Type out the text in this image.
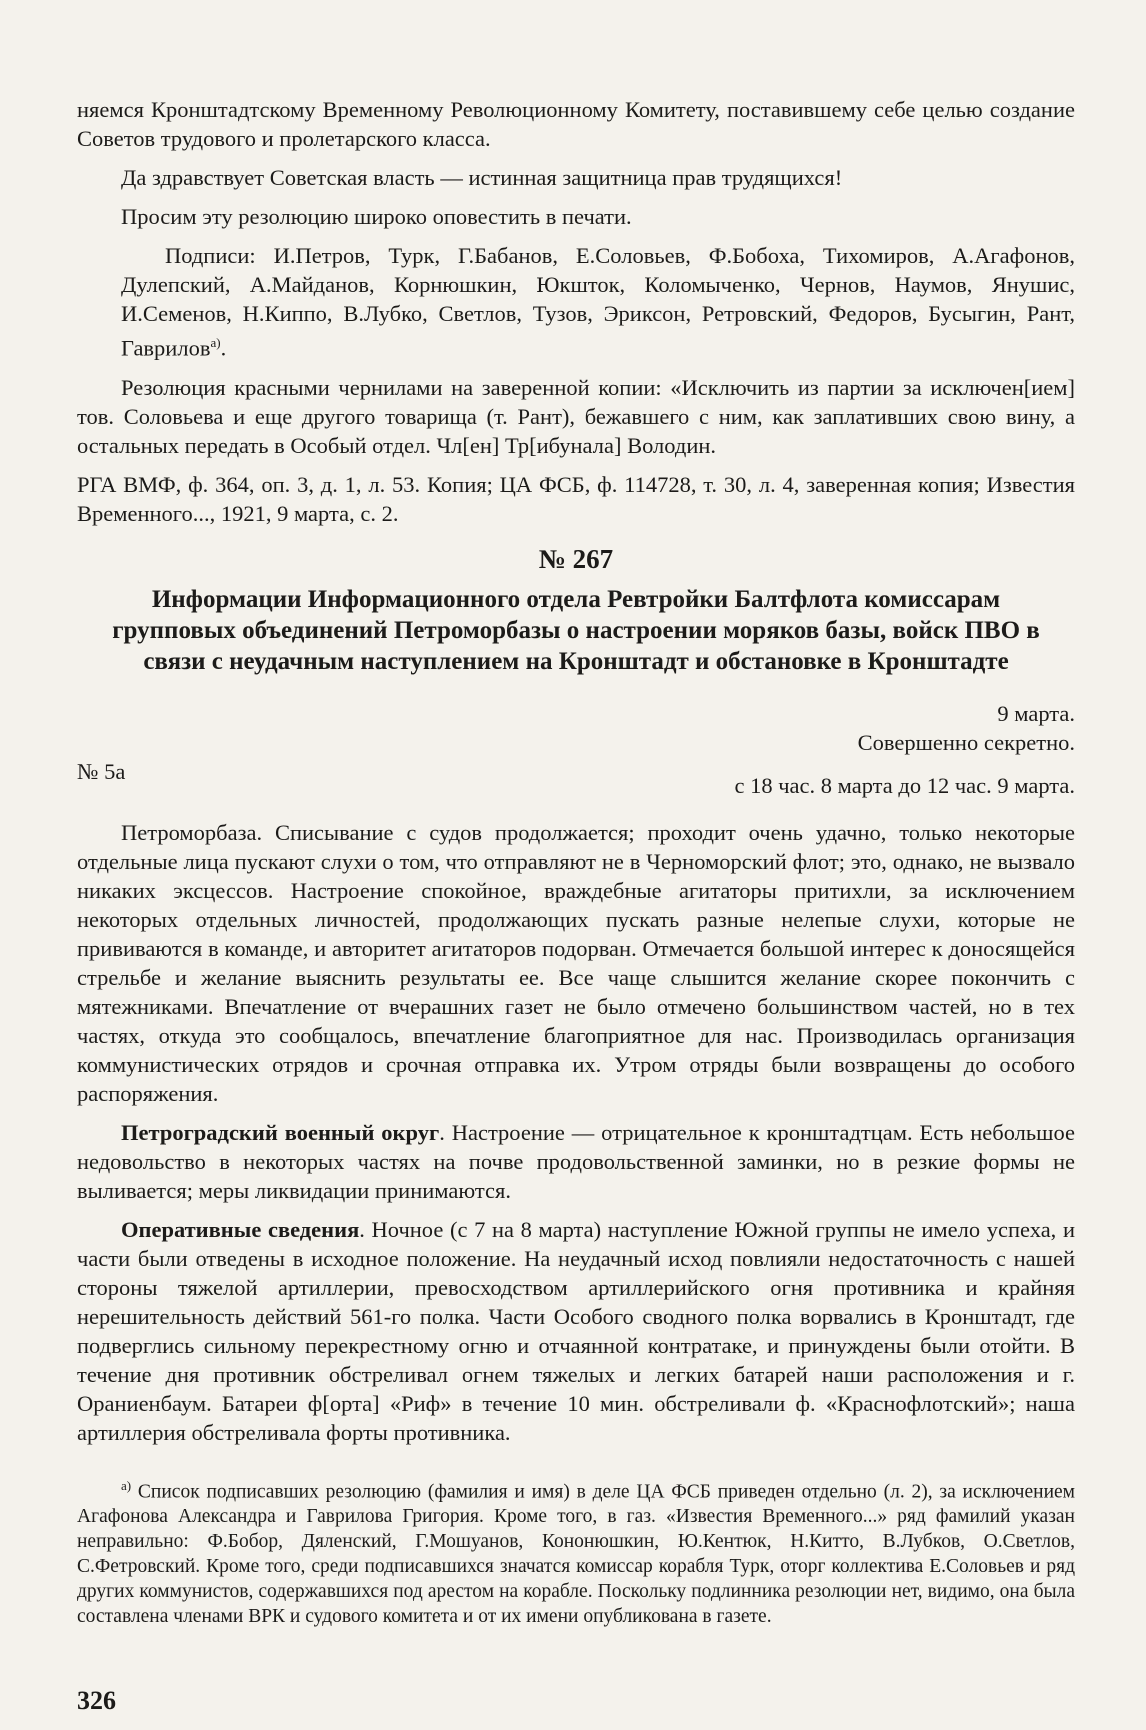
няемся Кронштадтскому Временному Революционному Комитету, поставившему себе целью создание Советов трудового и пролетарского класса.

Да здравствует Советская власть — истинная защитница прав трудящихся!

Просим эту резолюцию широко оповестить в печати.

Подписи: И.Петров, Турк, Г.Бабанов, Е.Соловьев, Ф.Бобоха, Тихомиров, А.Агафонов, Дулепский, А.Майданов, Корнюшкин, Юкшток, Коломыченко, Чернов, Наумов, Янушис, И.Семенов, Н.Киппо, В.Лубко, Светлов, Тузов, Эриксон, Ретровский, Федоров, Бусыгин, Рант, Гаврилов$^{а)}$.

Резолюция красными чернилами на заверенной копии: «Исключить из партии за исключен[ием] тов. Соловьева и еще другого товарища (т. Рант), бежавшего с ним, как заплативших свою вину, а остальных передать в Особый отдел. Чл[ен] Тр[ибунала] Володин.

РГА ВМФ, ф. 364, оп. 3, д. 1, л. 53. Копия; ЦА ФСБ, ф. 114728, т. 30, л. 4, заверенная копия; Известия Временного..., 1921, 9 марта, с. 2.

№ 267
Информации Информационного отдела Ревтройки Балтфлота комиссарам групповых объединений Петроморбазы о настроении моряков базы, войск ПВО в связи с неудачным наступлением на Кронштадт и обстановке в Кронштадте

9 марта.

Совершенно секретно.

№ 5а
с 18 час. 8 марта до 12 час. 9 марта.

Петроморбаза. Списывание с судов продолжается; проходит очень удачно, только некоторые отдельные лица пускают слухи о том, что отправляют не в Черноморский флот; это, однако, не вызвало никаких эксцессов. Настроение спокойное, враждебные агитаторы притихли, за исключением некоторых отдельных личностей, продолжающих пускать разные нелепые слухи, которые не прививаются в команде, и авторитет агитаторов подорван. Отмечается большой интерес к доносящейся стрельбе и желание выяснить результаты ее. Все чаще слышится желание скорее покончить с мятежниками. Впечатление от вчерашних газет не было отмечено большинством частей, но в тех частях, откуда это сообщалось, впечатление благоприятное для нас. Производилась организация коммунистических отрядов и срочная отправка их. Утром отряды были возвращены до особого распоряжения.

Петроградский военный округ. Настроение — отрицательное к кронштадтцам. Есть небольшое недовольство в некоторых частях на почве продовольственной заминки, но в резкие формы не выливается; меры ликвидации принимаются.

Оперативные сведения. Ночное (с 7 на 8 марта) наступление Южной группы не имело успеха, и части были отведены в исходное положение. На неудачный исход повлияли недостаточность с нашей стороны тяжелой артиллерии, превосходством артиллерийского огня противника и крайняя нерешительность действий 561-го полка. Части Особого сводного полка ворвались в Кронштадт, где подверглись сильному перекрестному огню и отчаянной контратаке, и принуждены были отойти. В течение дня противник обстреливал огнем тяжелых и легких батарей наши расположения и г. Ораниенбаум. Батареи ф[орта] «Риф» в течение 10 мин. обстреливали ф. «Краснофлотский»; наша артиллерия обстреливала форты противника.

$^{а)}$ Список подписавших резолюцию (фамилия и имя) в деле ЦА ФСБ приведен отдельно (л. 2), за исключением Агафонова Александра и Гаврилова Григория. Кроме того, в газ. «Известия Временного...» ряд фамилий указан неправильно: Ф.Бобор, Дяленский, Г.Мошуанов, Кононюшкин, Ю.Кентюк, Н.Китто, В.Лубков, О.Светлов, С.Фетровский. Кроме того, среди подписавшихся значатся комиссар корабля Турк, оторг коллектива Е.Соловьев и ряд других коммунистов, содержавшихся под арестом на корабле. Поскольку подлинника резолюции нет, видимо, она была составлена членами ВРК и судового комитета и от их имени опубликована в газете.

326
